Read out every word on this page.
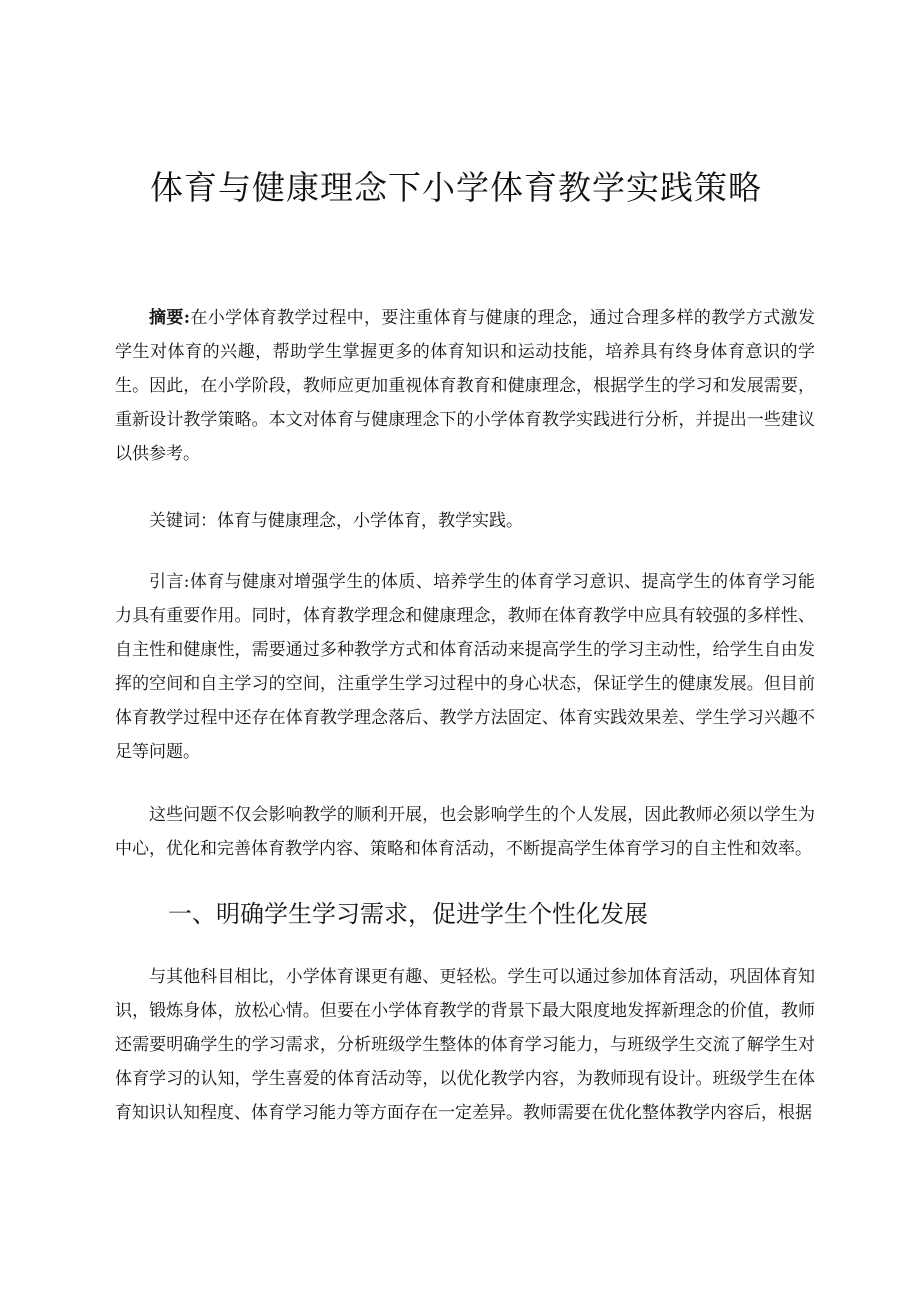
体育与健康理念下小学体育教学实践策略

摘要:在小学体育教学过程中，要注重体育与健康的理念，通过合理多样的教学方式激发学生对体育的兴趣，帮助学生掌握更多的体育知识和运动技能，培养具有终身体育意识的学生。因此，在小学阶段，教师应更加重视体育教育和健康理念，根据学生的学习和发展需要，重新设计教学策略。本文对体育与健康理念下的小学体育教学实践进行分析，并提出一些建议以供参考。

关键词：体育与健康理念，小学体育，教学实践。

引言:体育与健康对增强学生的体质、培养学生的体育学习意识、提高学生的体育学习能力具有重要作用。同时，体育教学理念和健康理念，教师在体育教学中应具有较强的多样性、自主性和健康性，需要通过多种教学方式和体育活动来提高学生的学习主动性，给学生自由发挥的空间和自主学习的空间，注重学生学习过程中的身心状态，保证学生的健康发展。但目前体育教学过程中还存在体育教学理念落后、教学方法固定、体育实践效果差、学生学习兴趣不足等问题。

这些问题不仅会影响教学的顺利开展，也会影响学生的个人发展，因此教师必须以学生为中心，优化和完善体育教学内容、策略和体育活动，不断提高学生体育学习的自主性和效率。

一、明确学生学习需求，促进学生个性化发展

与其他科目相比，小学体育课更有趣、更轻松。学生可以通过参加体育活动，巩固体育知识，锻炼身体，放松心情。但要在小学体育教学的背景下最大限度地发挥新理念的价值，教师还需要明确学生的学习需求，分析班级学生整体的体育学习能力，与班级学生交流了解学生对体育学习的认知，学生喜爱的体育活动等，以优化教学内容，为教师现有设计。班级学生在体育知识认知程度、体育学习能力等方面存在一定差异。教师需要在优化整体教学内容后，根据
